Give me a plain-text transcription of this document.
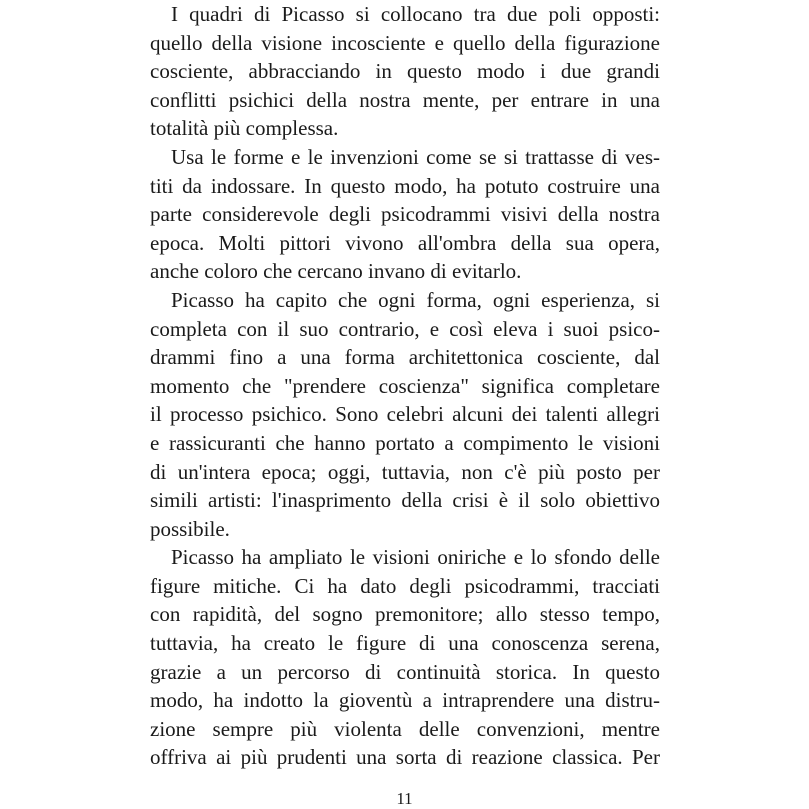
I quadri di Picasso si collocano tra due poli opposti:
quello della visione incosciente e quello della figurazione
cosciente, abbracciando in questo modo i due grandi
conflitti psichici della nostra mente, per entrare in una
totalità più complessa.
Usa le forme e le invenzioni come se si trattasse di ves-
titi da indossare. In questo modo, ha potuto costruire una
parte considerevole degli psicodrammi visivi della nostra
epoca. Molti pittori vivono all'ombra della sua opera,
anche coloro che cercano invano di evitarlo.
Picasso ha capito che ogni forma, ogni esperienza, si
completa con il suo contrario, e così eleva i suoi psico-
drammi fino a una forma architettonica cosciente, dal
momento che "prendere coscienza" significa completare
il processo psichico. Sono celebri alcuni dei talenti allegri
e rassicuranti che hanno portato a compimento le visioni
di un'intera epoca; oggi, tuttavia, non c'è più posto per
simili artisti: l'inasprimento della crisi è il solo obiettivo
possibile.
Picasso ha ampliato le visioni oniriche e lo sfondo delle
figure mitiche. Ci ha dato degli psicodrammi, tracciati
con rapidità, del sogno premonitore; allo stesso tempo,
tuttavia, ha creato le figure di una conoscenza serena,
grazie a un percorso di continuità storica. In questo
modo, ha indotto la gioventù a intraprendere una distru-
zione sempre più violenta delle convenzioni, mentre
offriva ai più prudenti una sorta di reazione classica. Per
11
